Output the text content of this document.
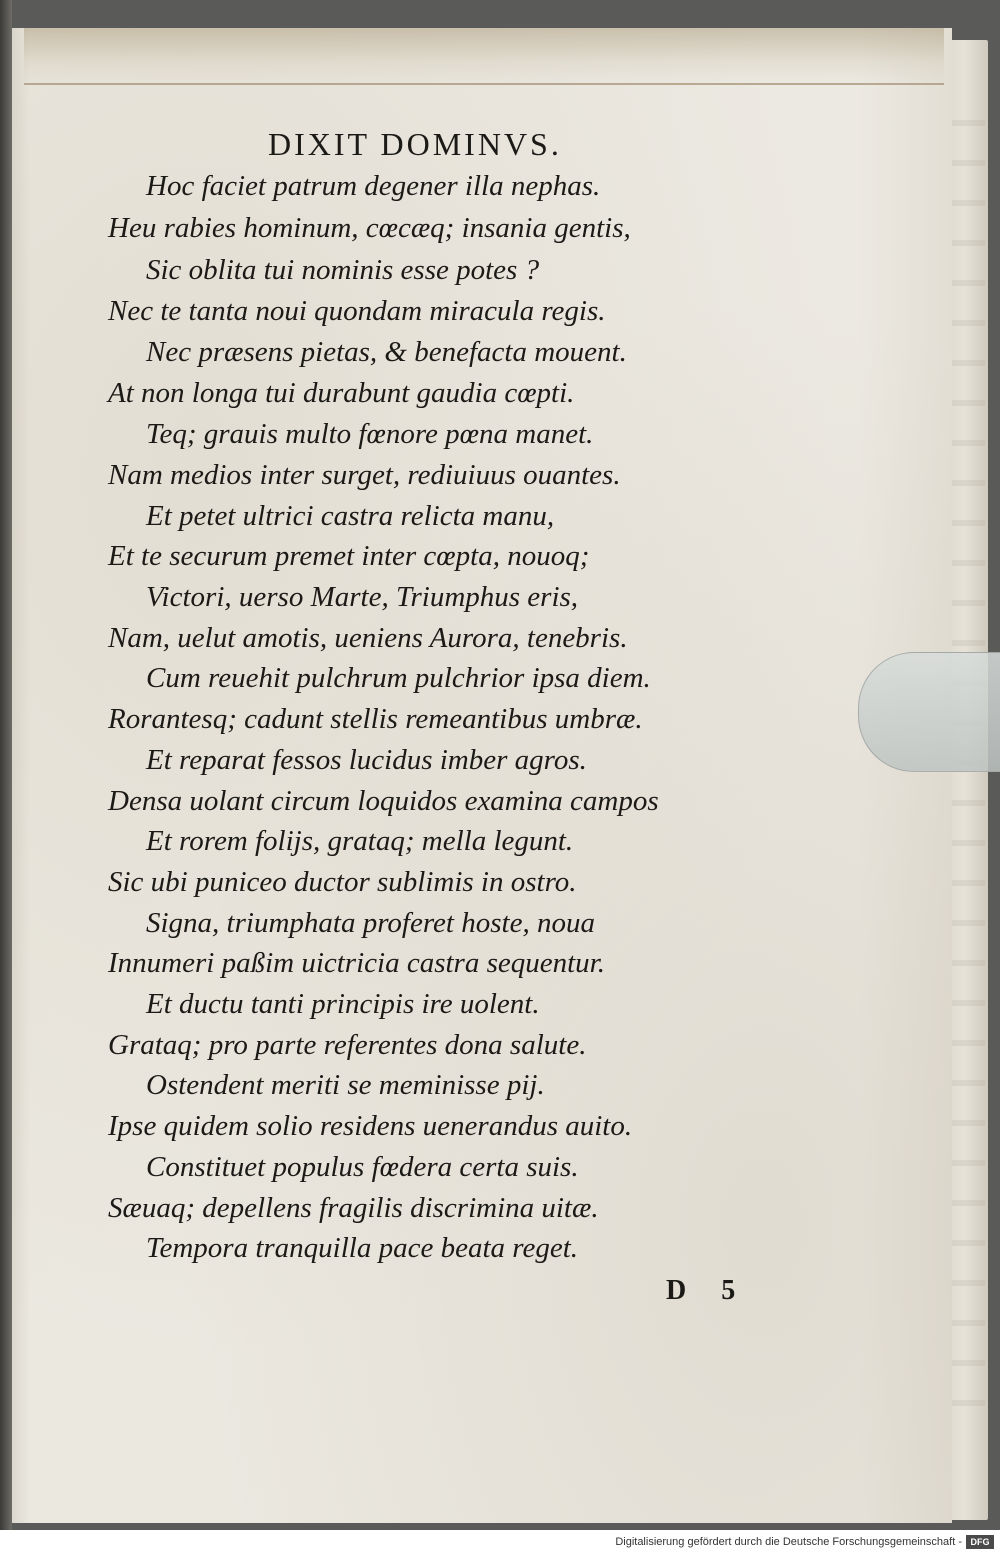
DIXIT DOMINVS.
Hoc faciet patrum degener illa nephas.
Heu rabies hominum, cœcæq; insania gentis,
Sic oblita tui nominis esse potes ?
Nec te tanta noui quondam miracula regis.
Nec præsens pietas, & benefacta mouent.
At non longa tui durabunt gaudia cœpti.
Teq; grauis multo fœnore pœna manet.
Nam medios inter surget, rediuiuus ouantes.
Et petet ultrici castra relicta manu,
Et te securum premet inter cœpta, nouoq;
Victori, uerso Marte, Triumphus eris,
Nam, uelut amotis, ueniens Aurora, tenebris.
Cum reuehit pulchrum pulchrior ipsa diem.
Rorantesq; cadunt stellis remeantibus umbræ.
Et reparat fessos lucidus imber agros.
Densa uolant circum loquidos examina campos
Et rorem folijs, grataq; mella legunt.
Sic ubi puniceo ductor sublimis in ostro.
Signa, triumphata proferet hoste, noua
Innumeri paßim uictricia castra sequentur.
Et ductu tanti principis ire uolent.
Grataq; pro parte referentes dona salute.
Ostendent meriti se meminisse pij.
Ipse quidem solio residens uenerandus auito.
Constituet populus fœdera certa suis.
Sæuaq; depellens fragilis discrimina uitæ.
Tempora tranquilla pace beata reget.
D 5
Digitalisierung gefördert durch die Deutsche Forschungsgemeinschaft - DFG
